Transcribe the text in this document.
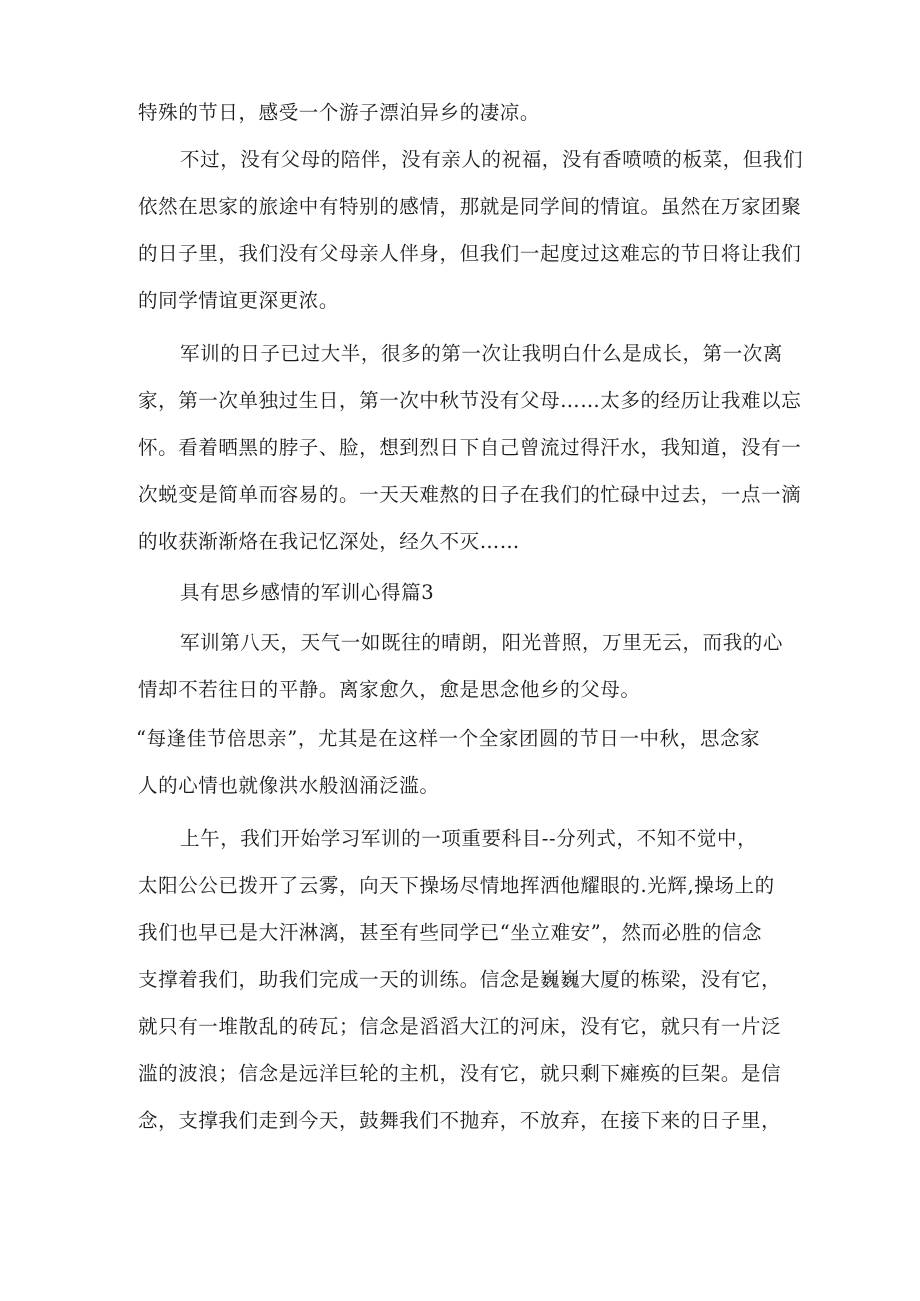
特殊的节日，感受一个游子漂泊异乡的凄凉。
不过，没有父母的陪伴，没有亲人的祝福，没有香喷喷的板菜，但我们
依然在思家的旅途中有特别的感情，那就是同学间的情谊。虽然在万家团聚
的日子里，我们没有父母亲人伴身，但我们一起度过这难忘的节日将让我们
的同学情谊更深更浓。
军训的日子已过大半，很多的第一次让我明白什么是成长，第一次离
家，第一次单独过生日，第一次中秋节没有父母……太多的经历让我难以忘
怀。看着晒黑的脖子、脸，想到烈日下自己曾流过得汗水，我知道，没有一
次蜕变是简单而容易的。一天天难熬的日子在我们的忙碌中过去，一点一滴
的收获渐渐烙在我记忆深处，经久不灭……
具有思乡感情的军训心得篇3
军训第八天，天气一如既往的晴朗，阳光普照，万里无云，而我的心
情却不若往日的平静。离家愈久，愈是思念他乡的父母。
“每逢佳节倍思亲”，尤其是在这样一个全家团圆的节日一中秋，思念家
人的心情也就像洪水般汹涌泛滥。
上午，我们开始学习军训的一项重要科目--分列式，不知不觉中，
太阳公公已拨开了云雾，向天下操场尽情地挥洒他耀眼的.光辉,操场上的
我们也早已是大汗淋漓，甚至有些同学已“坐立难安”，然而必胜的信念
支撑着我们，助我们完成一天的训练。信念是巍巍大厦的栋梁，没有它，
就只有一堆散乱的砖瓦；信念是滔滔大江的河床，没有它，就只有一片泛
滥的波浪；信念是远洋巨轮的主机，没有它，就只剩下瘫痪的巨架。是信
念，支撑我们走到今天，鼓舞我们不抛弃，不放弃，在接下来的日子里，
